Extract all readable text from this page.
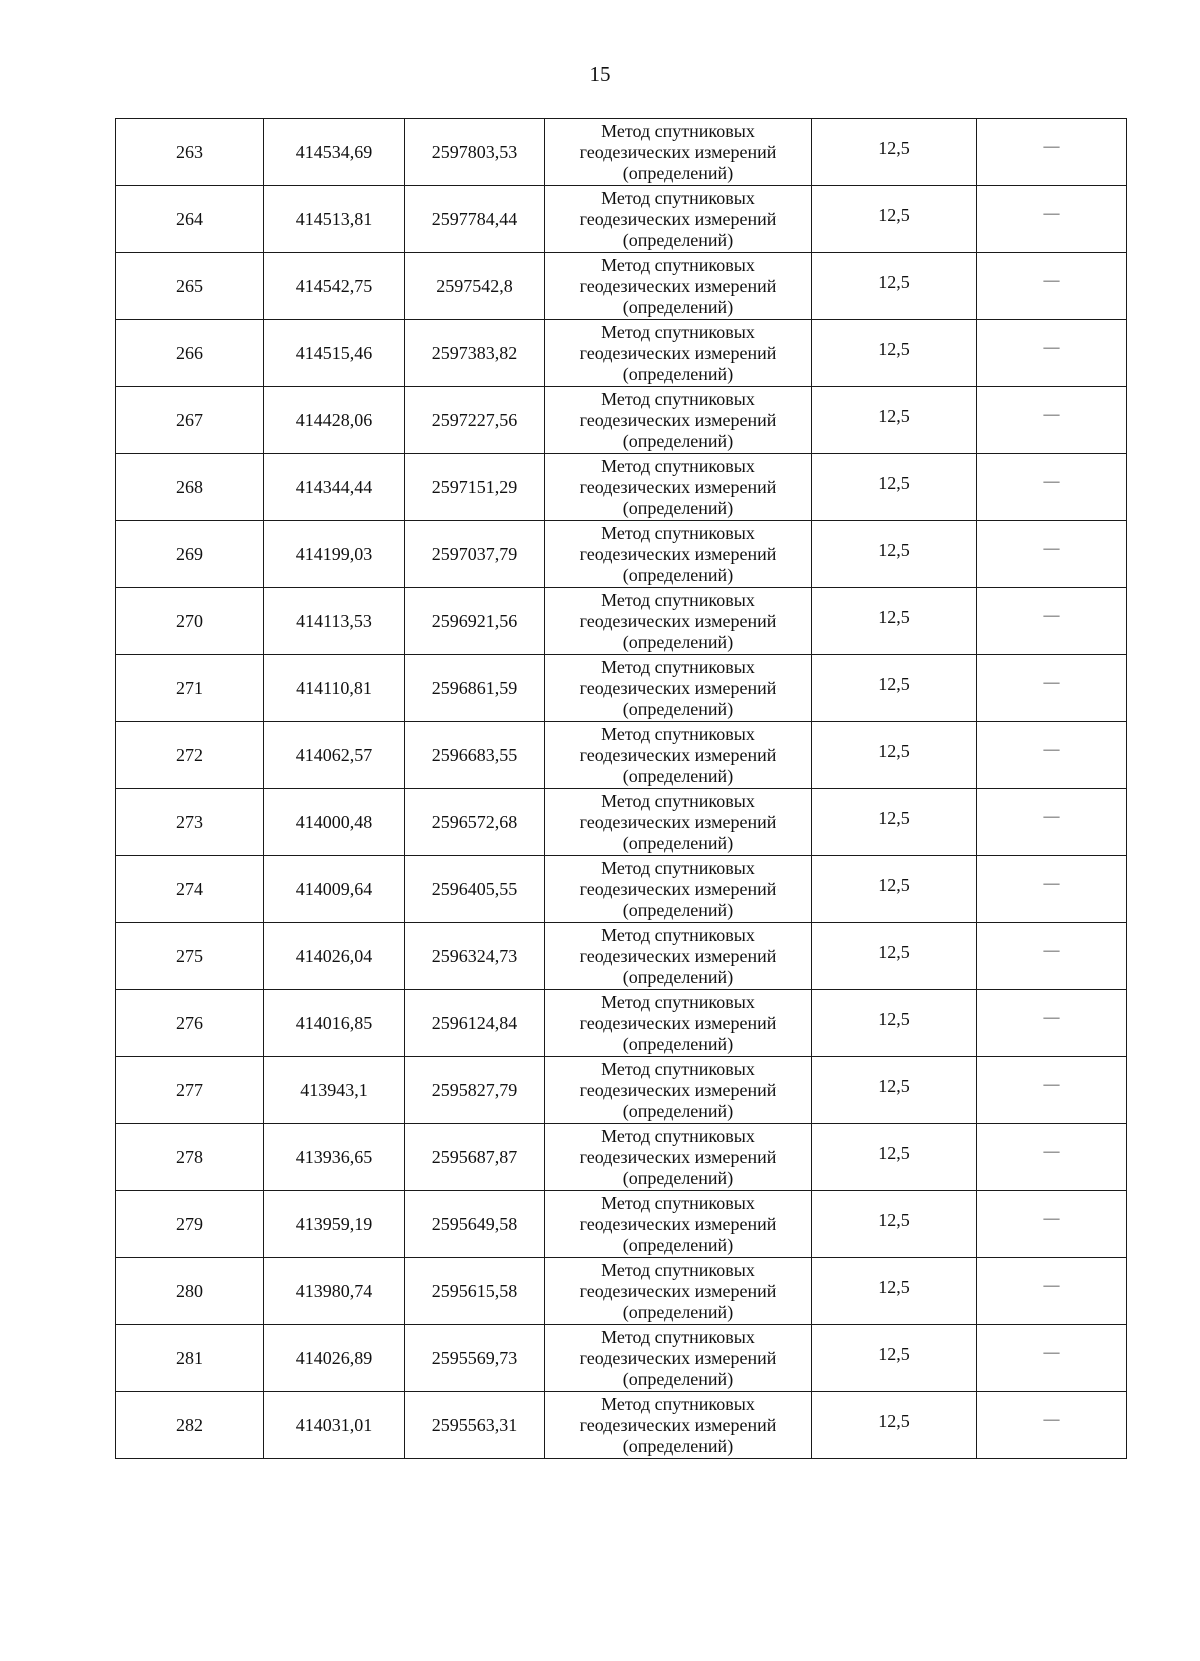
15
263	414534,69	2597803,53	Метод спутниковых
геодезических измерений
(определений)	12,5	—
264	414513,81	2597784,44	Метод спутниковых
геодезических измерений
(определений)	12,5	—
265	414542,75	2597542,8	Метод спутниковых
геодезических измерений
(определений)	12,5	—
266	414515,46	2597383,82	Метод спутниковых
геодезических измерений
(определений)	12,5	—
267	414428,06	2597227,56	Метод спутниковых
геодезических измерений
(определений)	12,5	—
268	414344,44	2597151,29	Метод спутниковых
геодезических измерений
(определений)	12,5	—
269	414199,03	2597037,79	Метод спутниковых
геодезических измерений
(определений)	12,5	—
270	414113,53	2596921,56	Метод спутниковых
геодезических измерений
(определений)	12,5	—
271	414110,81	2596861,59	Метод спутниковых
геодезических измерений
(определений)	12,5	—
272	414062,57	2596683,55	Метод спутниковых
геодезических измерений
(определений)	12,5	—
273	414000,48	2596572,68	Метод спутниковых
геодезических измерений
(определений)	12,5	—
274	414009,64	2596405,55	Метод спутниковых
геодезических измерений
(определений)	12,5	—
275	414026,04	2596324,73	Метод спутниковых
геодезических измерений
(определений)	12,5	—
276	414016,85	2596124,84	Метод спутниковых
геодезических измерений
(определений)	12,5	—
277	413943,1	2595827,79	Метод спутниковых
геодезических измерений
(определений)	12,5	—
278	413936,65	2595687,87	Метод спутниковых
геодезических измерений
(определений)	12,5	—
279	413959,19	2595649,58	Метод спутниковых
геодезических измерений
(определений)	12,5	—
280	413980,74	2595615,58	Метод спутниковых
геодезических измерений
(определений)	12,5	—
281	414026,89	2595569,73	Метод спутниковых
геодезических измерений
(определений)	12,5	—
282	414031,01	2595563,31	Метод спутниковых
геодезических измерений
(определений)	12,5	—
